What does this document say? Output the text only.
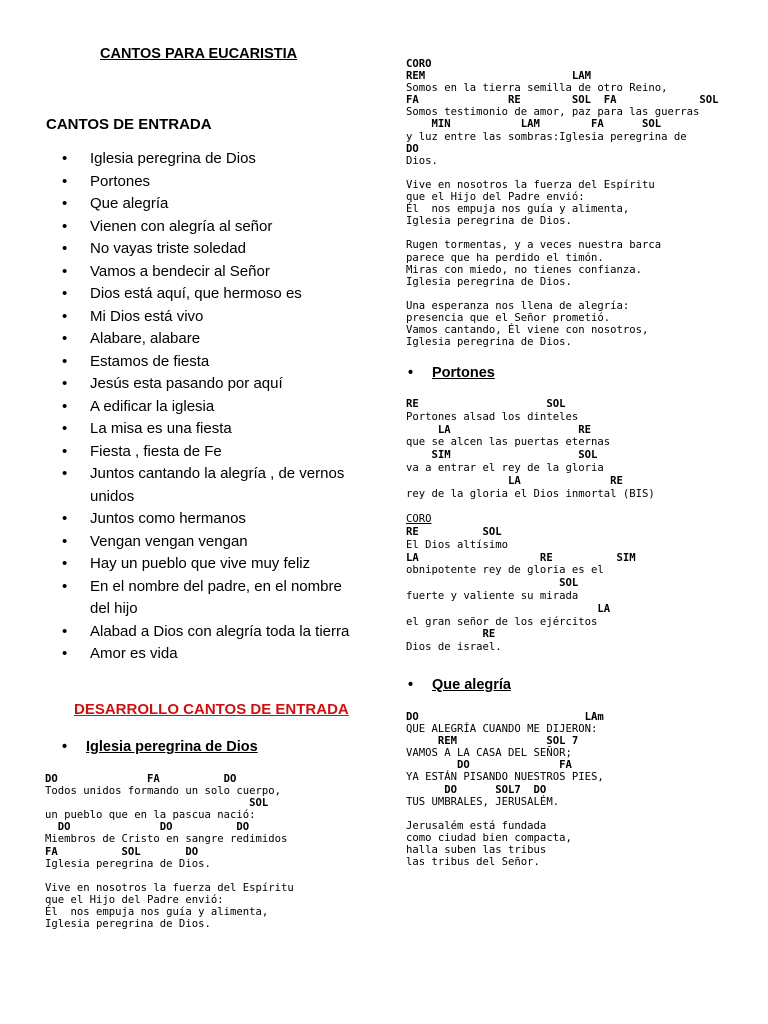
CANTOS PARA EUCARISTIA
CANTOS DE ENTRADA
• Iglesia peregrina de Dios
• Portones
• Que alegría
• Vienen con alegría al señor
• No vayas triste soledad
• Vamos a bendecir al Señor
• Dios está aquí, que hermoso es
• Mi Dios está vivo
• Alabare, alabare
• Estamos de fiesta
• Jesús esta pasando por aquí
• A edificar la iglesia
• La misa es una fiesta
• Fiesta , fiesta de Fe
• Juntos cantando la alegría , de vernos unidos
• Juntos como hermanos
• Vengan vengan vengan
• Hay un pueblo que vive muy feliz
• En el nombre del padre, en el nombre del hijo
• Alabad a Dios con alegría toda la tierra
• Amor es vida
DESARROLLO CANTOS DE ENTRADA
• Iglesia peregrina de Dios
DO              FA          DO
Todos unidos formando un solo cuerpo,
SOL
un pueblo que en la pascua nació:
DO              DO          DO
Miembros de Cristo en sangre redimidos
FA          SOL       DO
Iglesia peregrina de Dios.

Vive en nosotros la fuerza del Espíritu
que el Hijo del Padre envió:
Él  nos empuja nos guía y alimenta,
Iglesia peregrina de Dios.

CORO
REM                       LAM
Somos en la tierra semilla de otro Reino,
FA              RE        SOL  FA             SOL
Somos testimonio de amor, paz para las guerras
MIN           LAM        FA      SOL
y luz entre las sombras:Iglesia peregrina de
DO
Dios.

Vive en nosotros la fuerza del Espíritu
que el Hijo del Padre envió:
Él  nos empuja nos guía y alimenta,
Iglesia peregrina de Dios.

Rugen tormentas, y a veces nuestra barca
parece que ha perdido el timón.
Miras con miedo, no tienes confianza.
Iglesia peregrina de Dios.

Una esperanza nos llena de alegría:
presencia que el Señor prometió.
Vamos cantando, Él viene con nosotros,
Iglesia peregrina de Dios.

• Portones
RE                    SOL
Portones alsad los dinteles
LA                    RE
que se alcen las puertas eternas
SIM                    SOL
va a entrar el rey de la gloria
LA              RE
rey de la gloria el Dios inmortal (BIS)

CORO
RE          SOL
El Dios altísimo
LA                   RE          SIM
obnipotente rey de gloria es el
SOL
fuerte y valiente su mirada
LA
el gran señor de los ejércitos
RE
Dios de israel.

• Que alegría
DO                          LAm
QUE ALEGRÍA CUANDO ME DIJERON:
REM              SOL 7
VAMOS A LA CASA DEL SEÑOR;
DO              FA
YA ESTÁN PISANDO NUESTROS PIES,
DO      SOL7  DO
TUS UMBRALES, JERUSALÉM.

Jerusalém está fundada
como ciudad bien compacta,
halla suben las tribus
las tribus del Señor.
